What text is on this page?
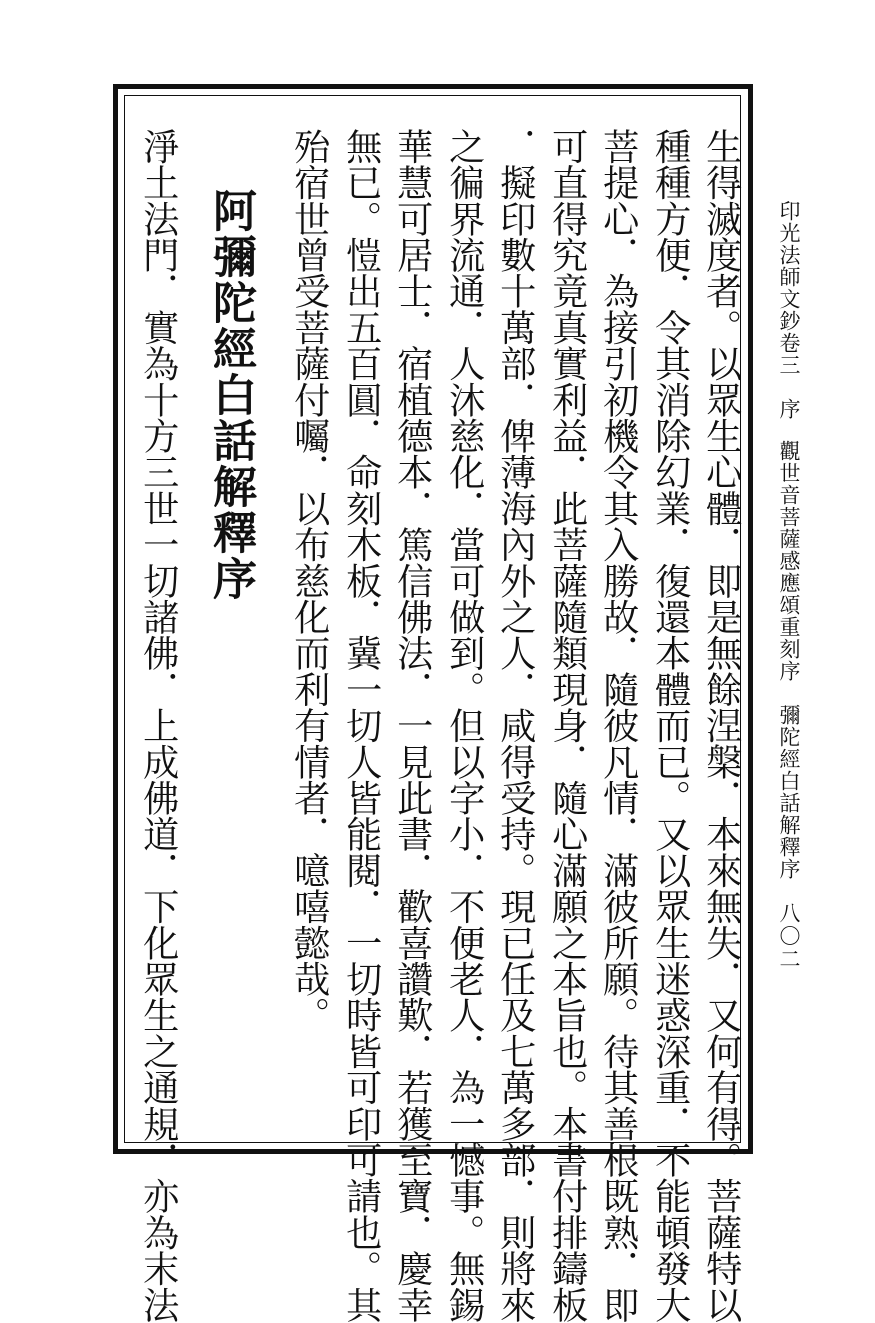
印光法師文鈔卷三　序
觀世音菩薩感應頌重刻序　彌陀經白話解釋序
八〇二
生得滅度者。以眾生心體．即是無餘涅槃．本來無失．又何有得。菩薩特以
種種方便．令其消除幻業．復還本體而已。又以眾生迷惑深重．不能頓發大
菩提心．為接引初機令其入勝故．隨彼凡情．滿彼所願。待其善根既熟．即
可直得究竟真實利益．此菩薩隨類現身．隨心滿願之本旨也。本書付排鑄板
．擬印數十萬部．俾薄海內外之人．咸得受持。現已任及七萬多部．則將來
之徧界流通．人沐慈化．當可做到。但以字小．不便老人．為一憾事。無錫
華慧可居士．宿植德本．篤信佛法．一見此書．歡喜讚歎．若獲至寶．慶幸
無已。愷出五百圓．命刻木板．冀一切人皆能閱．一切時皆可印可請也。其
殆宿世曾受菩薩付囑．以布慈化而利有情者．噫嘻懿哉。
阿彌陀經白話解釋序
淨土法門．實為十方三世一切諸佛．上成佛道．下化眾生之通規．亦為末法
